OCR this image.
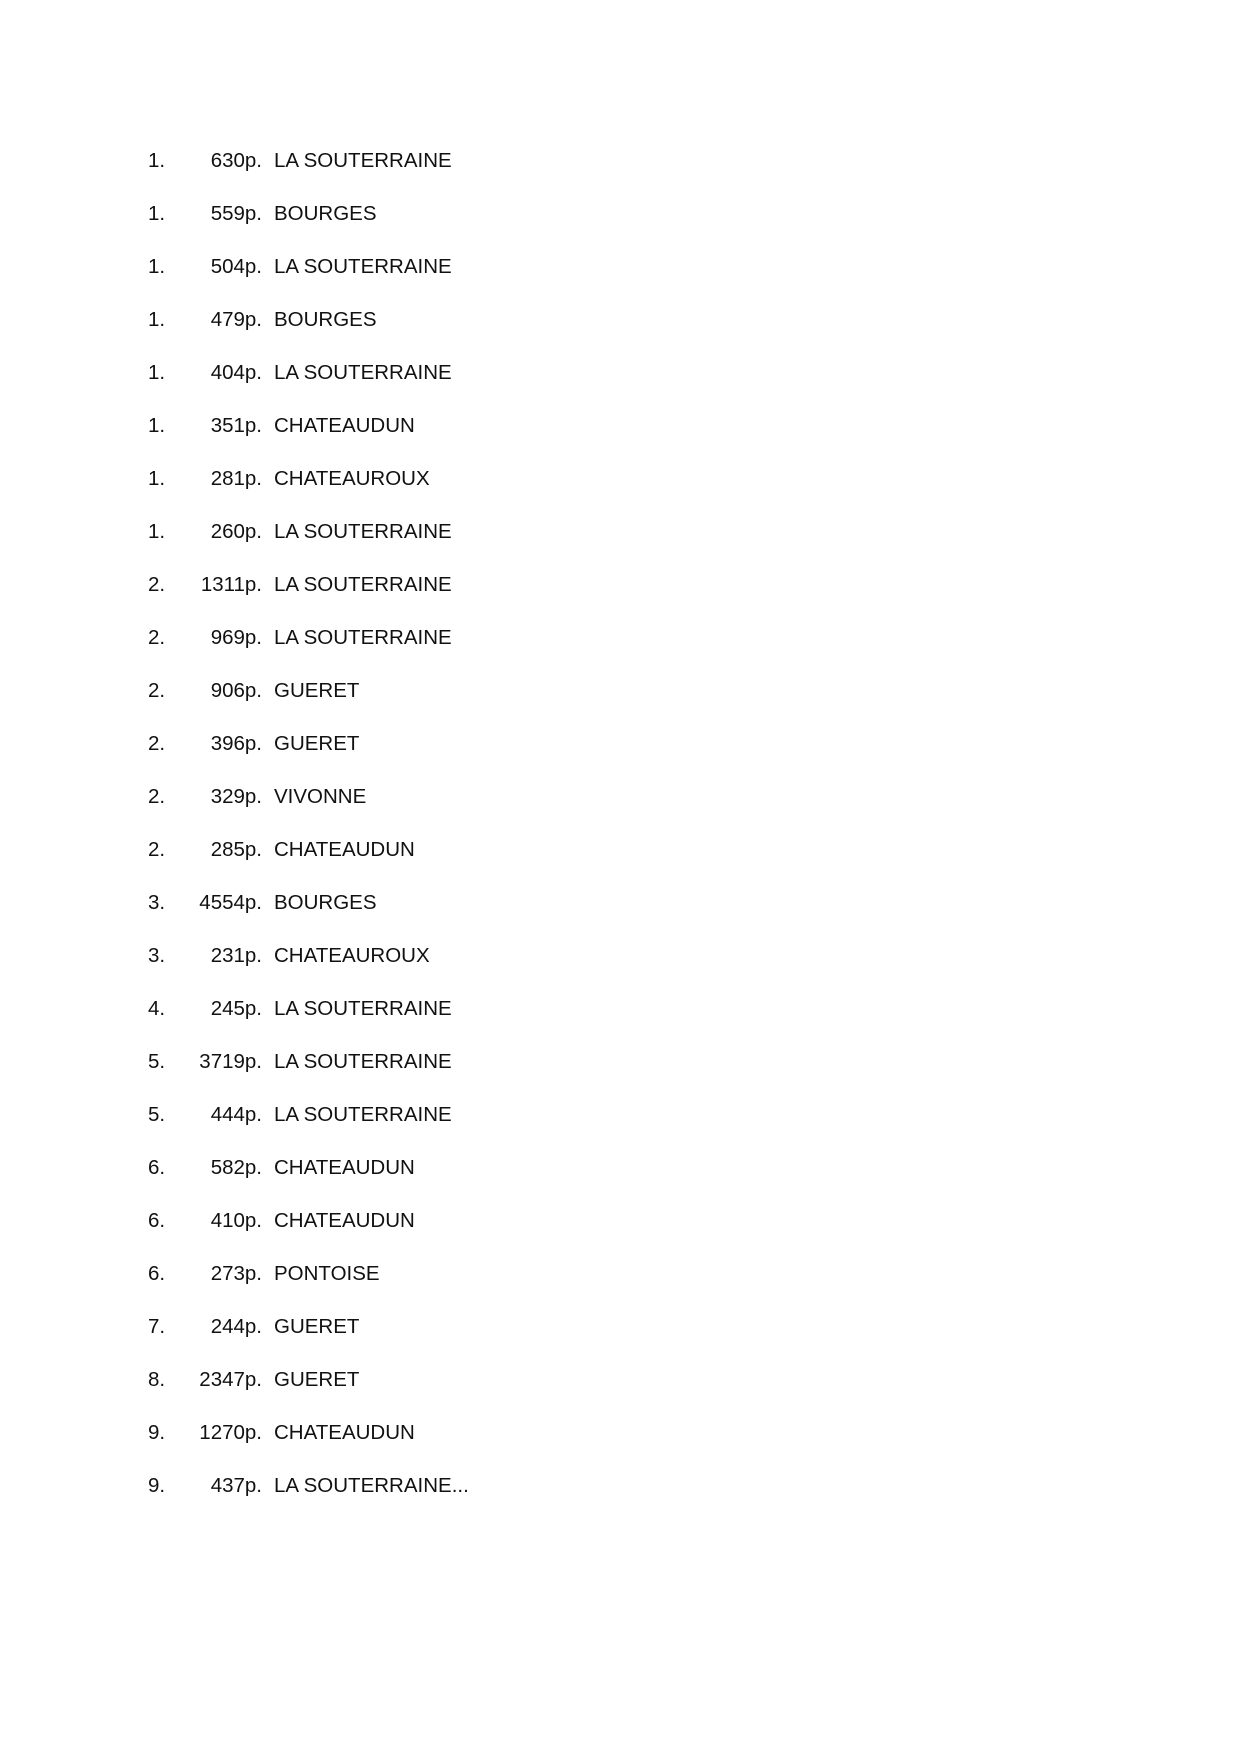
1.	630p. LA SOUTERRAINE
1.	559p. BOURGES
1.	504p. LA SOUTERRAINE
1.	479p. BOURGES
1.	404p. LA SOUTERRAINE
1.	351p. CHATEAUDUN
1.	281p. CHATEAUROUX
1.	260p. LA SOUTERRAINE
2.	1311p. LA SOUTERRAINE
2.	969p. LA SOUTERRAINE
2.	906p. GUERET
2.	396p. GUERET
2.	329p. VIVONNE
2.	285p. CHATEAUDUN
3.	4554p. BOURGES
3.	231p. CHATEAUROUX
4.	245p. LA SOUTERRAINE
5.	3719p. LA SOUTERRAINE
5.	444p. LA SOUTERRAINE
6.	582p. CHATEAUDUN
6.	410p. CHATEAUDUN
6.	273p. PONTOISE
7.	244p. GUERET
8.	2347p. GUERET
9.	1270p. CHATEAUDUN
9.	437p. LA SOUTERRAINE...
